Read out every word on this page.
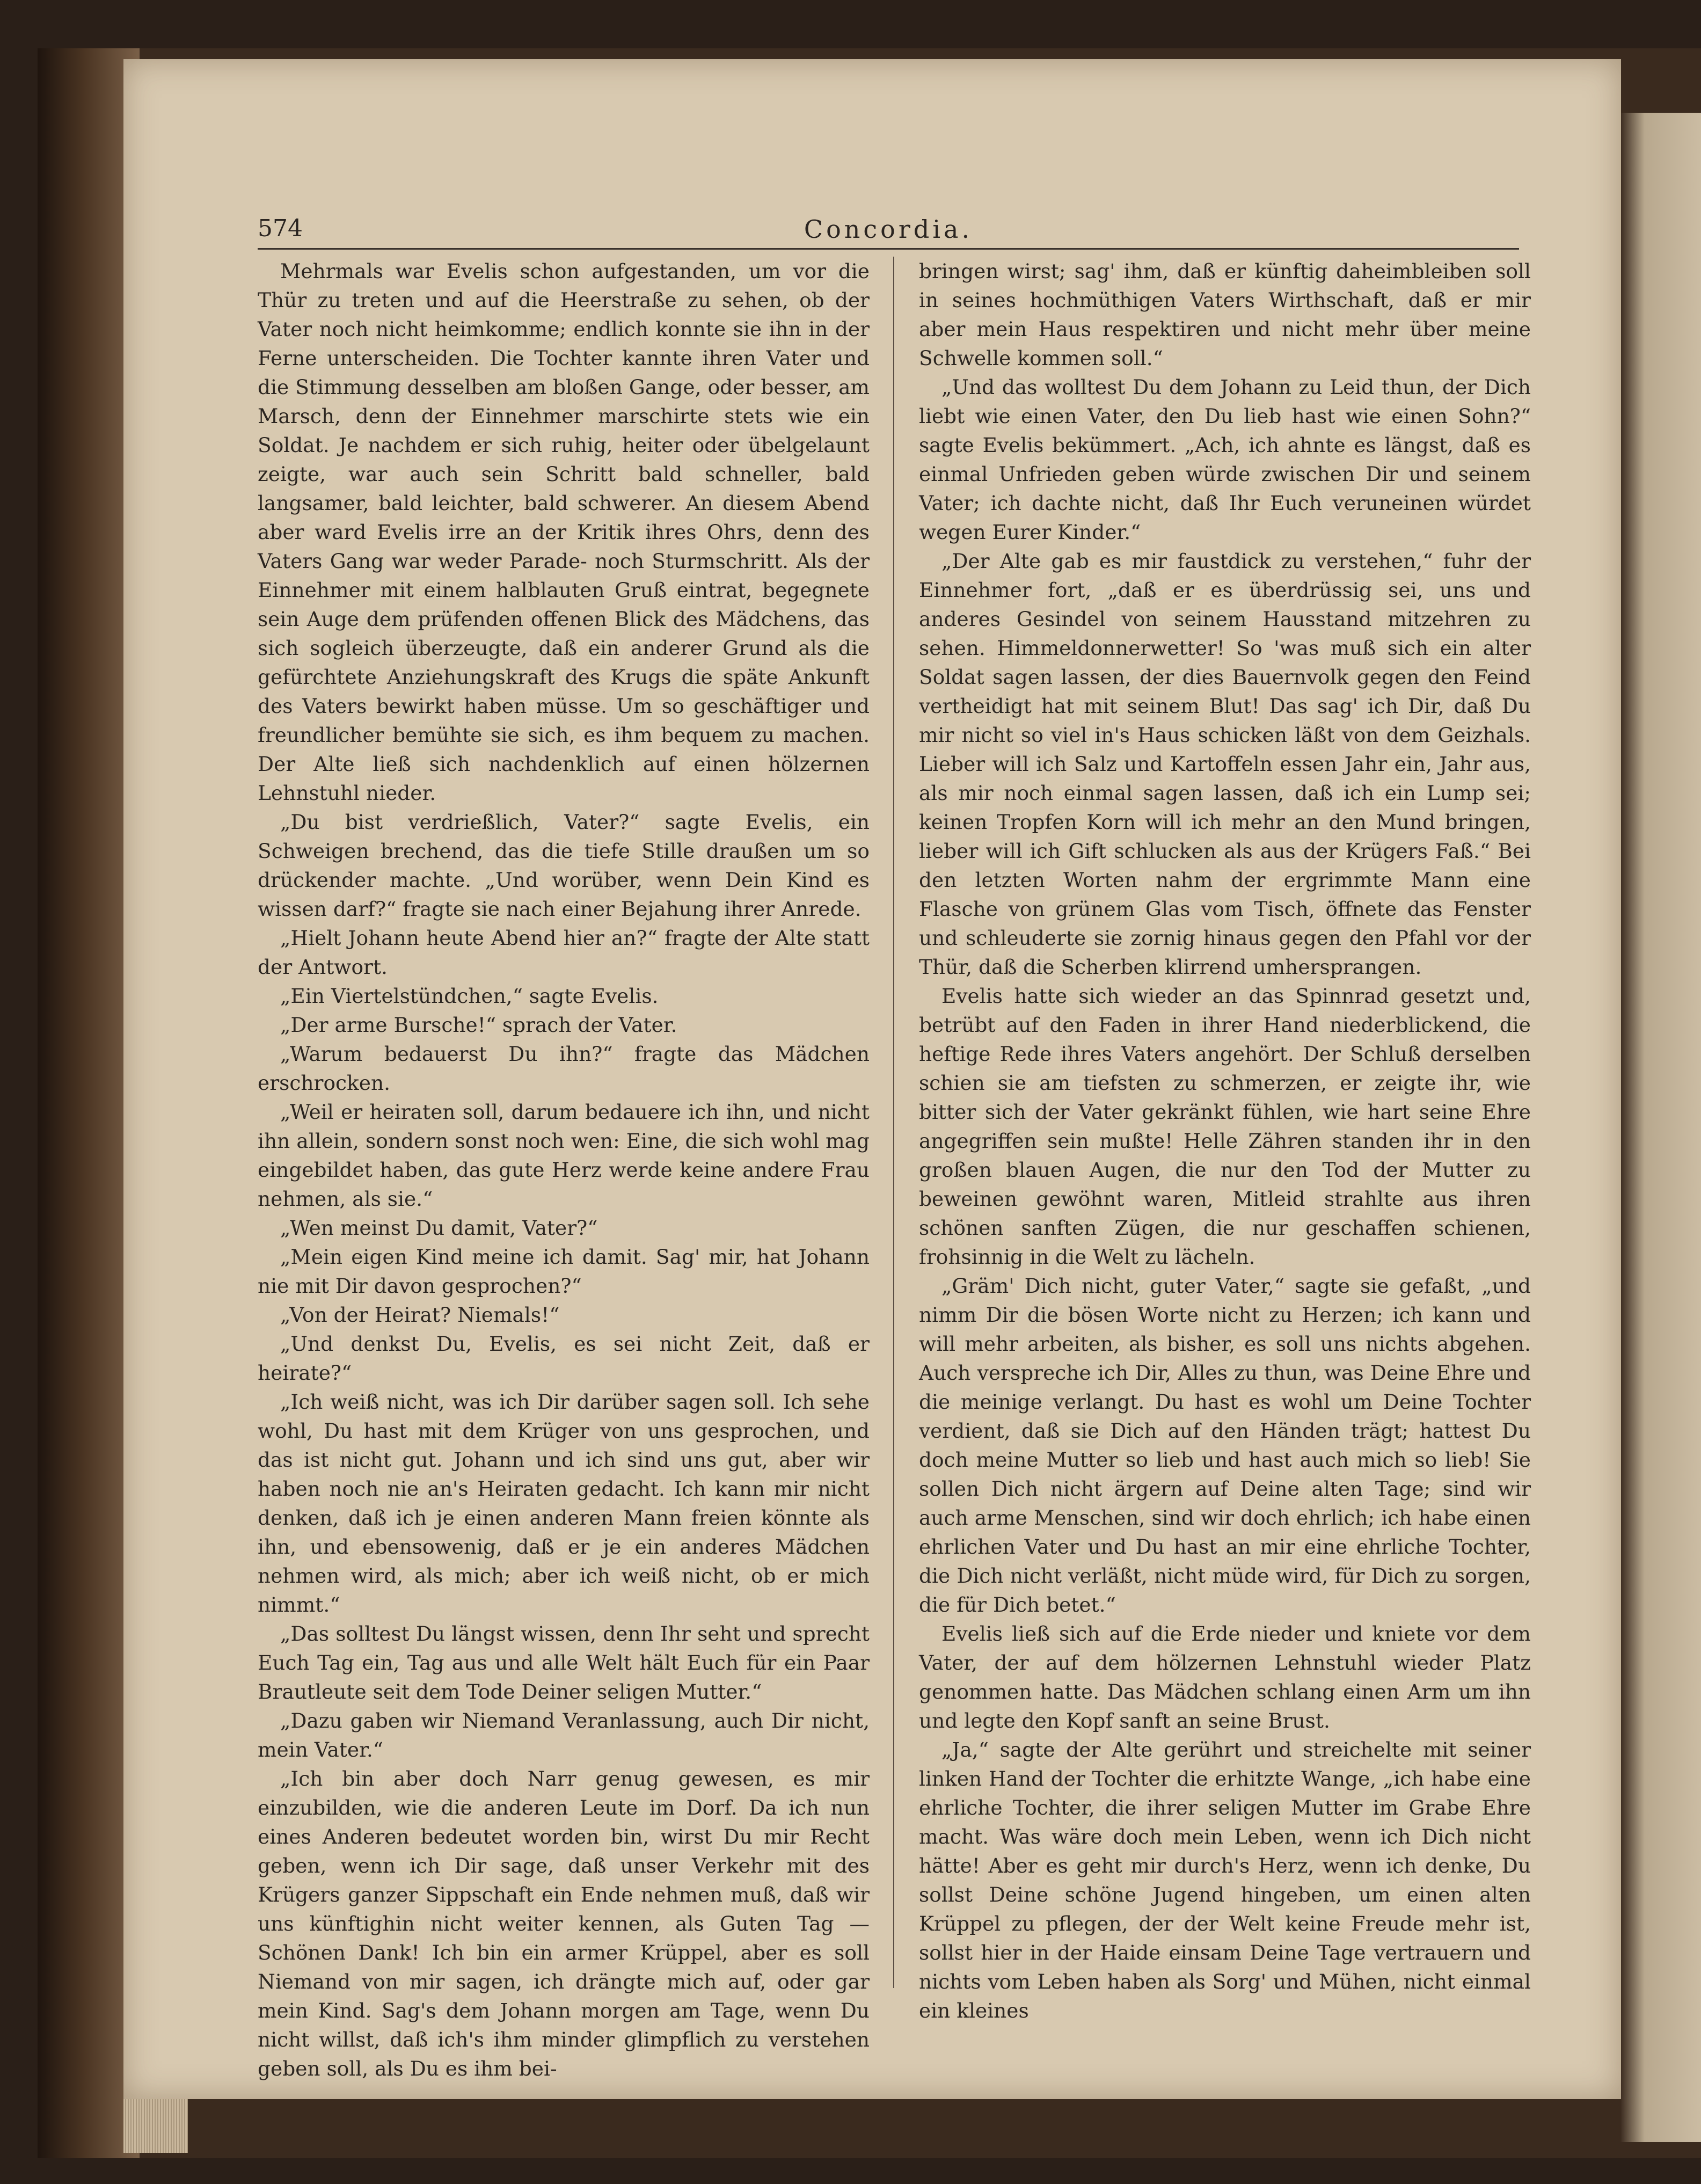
574	Concordia.

Mehrmals war Evelis schon aufgestanden, um vor die Thür zu treten und auf die Heerstraße zu sehen, ob der Vater noch nicht heimkomme; endlich konnte sie ihn in der Ferne unterscheiden. Die Tochter kannte ihren Vater und die Stimmung desselben am bloßen Gange, oder besser, am Marsch, denn der Einnehmer marschirte stets wie ein Soldat. Je nachdem er sich ruhig, heiter oder übelgelaunt zeigte, war auch sein Schritt bald schneller, bald langsamer, bald leichter, bald schwerer. An diesem Abend aber ward Evelis irre an der Kritik ihres Ohrs, denn des Vaters Gang war weder Parade- noch Sturmschritt. Als der Einnehmer mit einem halblauten Gruß eintrat, begegnete sein Auge dem prüfenden offenen Blick des Mädchens, das sich sogleich überzeugte, daß ein anderer Grund als die gefürchtete Anziehungskraft des Krugs die späte Ankunft des Vaters bewirkt haben müsse. Um so geschäftiger und freundlicher bemühte sie sich, es ihm bequem zu machen. Der Alte ließ sich nachdenklich auf einen hölzernen Lehnstuhl nieder.

„Du bist verdrießlich, Vater?“ sagte Evelis, ein Schweigen brechend, das die tiefe Stille draußen um so drückender machte. „Und worüber, wenn Dein Kind es wissen darf?“ fragte sie nach einer Bejahung ihrer Anrede.

„Hielt Johann heute Abend hier an?“ fragte der Alte statt der Antwort.

„Ein Viertelstündchen,“ sagte Evelis.

„Der arme Bursche!“ sprach der Vater.

„Warum bedauerst Du ihn?“ fragte das Mädchen erschrocken.

„Weil er heiraten soll, darum bedauere ich ihn, und nicht ihn allein, sondern sonst noch wen: Eine, die sich wohl mag eingebildet haben, das gute Herz werde keine andere Frau nehmen, als sie.“

„Wen meinst Du damit, Vater?“

„Mein eigen Kind meine ich damit. Sag' mir, hat Johann nie mit Dir davon gesprochen?“

„Von der Heirat? Niemals!“

„Und denkst Du, Evelis, es sei nicht Zeit, daß er heirate?“

„Ich weiß nicht, was ich Dir darüber sagen soll. Ich sehe wohl, Du hast mit dem Krüger von uns gesprochen, und das ist nicht gut. Johann und ich sind uns gut, aber wir haben noch nie an's Heiraten gedacht. Ich kann mir nicht denken, daß ich je einen anderen Mann freien könnte als ihn, und ebensowenig, daß er je ein anderes Mädchen nehmen wird, als mich; aber ich weiß nicht, ob er mich nimmt.“

„Das solltest Du längst wissen, denn Ihr seht und sprecht Euch Tag ein, Tag aus und alle Welt hält Euch für ein Paar Brautleute seit dem Tode Deiner seligen Mutter.“

„Dazu gaben wir Niemand Veranlassung, auch Dir nicht, mein Vater.“

„Ich bin aber doch Narr genug gewesen, es mir einzubilden, wie die anderen Leute im Dorf. Da ich nun eines Anderen bedeutet worden bin, wirst Du mir Recht geben, wenn ich Dir sage, daß unser Verkehr mit des Krügers ganzer Sippschaft ein Ende nehmen muß, daß wir uns künftighin nicht weiter kennen, als Guten Tag — Schönen Dank! Ich bin ein armer Krüppel, aber es soll Niemand von mir sagen, ich drängte mich auf, oder gar mein Kind. Sag's dem Johann morgen am Tage, wenn Du nicht willst, daß ich's ihm minder glimpflich zu verstehen geben soll, als Du es ihm bei-

bringen wirst; sag' ihm, daß er künftig daheimbleiben soll in seines hochmüthigen Vaters Wirthschaft, daß er mir aber mein Haus respektiren und nicht mehr über meine Schwelle kommen soll.“

„Und das wolltest Du dem Johann zu Leid thun, der Dich liebt wie einen Vater, den Du lieb hast wie einen Sohn?“ sagte Evelis bekümmert. „Ach, ich ahnte es längst, daß es einmal Unfrieden geben würde zwischen Dir und seinem Vater; ich dachte nicht, daß Ihr Euch veruneinen würdet wegen Eurer Kinder.“

„Der Alte gab es mir faustdick zu verstehen,“ fuhr der Einnehmer fort, „daß er es überdrüssig sei, uns und anderes Gesindel von seinem Hausstand mitzehren zu sehen. Himmeldonnerwetter! So 'was muß sich ein alter Soldat sagen lassen, der dies Bauernvolk gegen den Feind vertheidigt hat mit seinem Blut! Das sag' ich Dir, daß Du mir nicht so viel in's Haus schicken läßt von dem Geizhals. Lieber will ich Salz und Kartoffeln essen Jahr ein, Jahr aus, als mir noch einmal sagen lassen, daß ich ein Lump sei; keinen Tropfen Korn will ich mehr an den Mund bringen, lieber will ich Gift schlucken als aus der Krügers Faß.“ Bei den letzten Worten nahm der ergrimmte Mann eine Flasche von grünem Glas vom Tisch, öffnete das Fenster und schleuderte sie zornig hinaus gegen den Pfahl vor der Thür, daß die Scherben klirrend umhersprangen.

Evelis hatte sich wieder an das Spinnrad gesetzt und, betrübt auf den Faden in ihrer Hand niederblickend, die heftige Rede ihres Vaters angehört. Der Schluß derselben schien sie am tiefsten zu schmerzen, er zeigte ihr, wie bitter sich der Vater gekränkt fühlen, wie hart seine Ehre angegriffen sein mußte! Helle Zähren standen ihr in den großen blauen Augen, die nur den Tod der Mutter zu beweinen gewöhnt waren, Mitleid strahlte aus ihren schönen sanften Zügen, die nur geschaffen schienen, frohsinnig in die Welt zu lächeln.

„Gräm' Dich nicht, guter Vater,“ sagte sie gefaßt, „und nimm Dir die bösen Worte nicht zu Herzen; ich kann und will mehr arbeiten, als bisher, es soll uns nichts abgehen. Auch verspreche ich Dir, Alles zu thun, was Deine Ehre und die meinige verlangt. Du hast es wohl um Deine Tochter verdient, daß sie Dich auf den Händen trägt; hattest Du doch meine Mutter so lieb und hast auch mich so lieb! Sie sollen Dich nicht ärgern auf Deine alten Tage; sind wir auch arme Menschen, sind wir doch ehrlich; ich habe einen ehrlichen Vater und Du hast an mir eine ehrliche Tochter, die Dich nicht verläßt, nicht müde wird, für Dich zu sorgen, die für Dich betet.“

Evelis ließ sich auf die Erde nieder und kniete vor dem Vater, der auf dem hölzernen Lehnstuhl wieder Platz genommen hatte. Das Mädchen schlang einen Arm um ihn und legte den Kopf sanft an seine Brust.

„Ja,“ sagte der Alte gerührt und streichelte mit seiner linken Hand der Tochter die erhitzte Wange, „ich habe eine ehrliche Tochter, die ihrer seligen Mutter im Grabe Ehre macht. Was wäre doch mein Leben, wenn ich Dich nicht hätte! Aber es geht mir durch's Herz, wenn ich denke, Du sollst Deine schöne Jugend hingeben, um einen alten Krüppel zu pflegen, der der Welt keine Freude mehr ist, sollst hier in der Haide einsam Deine Tage vertrauern und nichts vom Leben haben als Sorg' und Mühen, nicht einmal ein kleines
